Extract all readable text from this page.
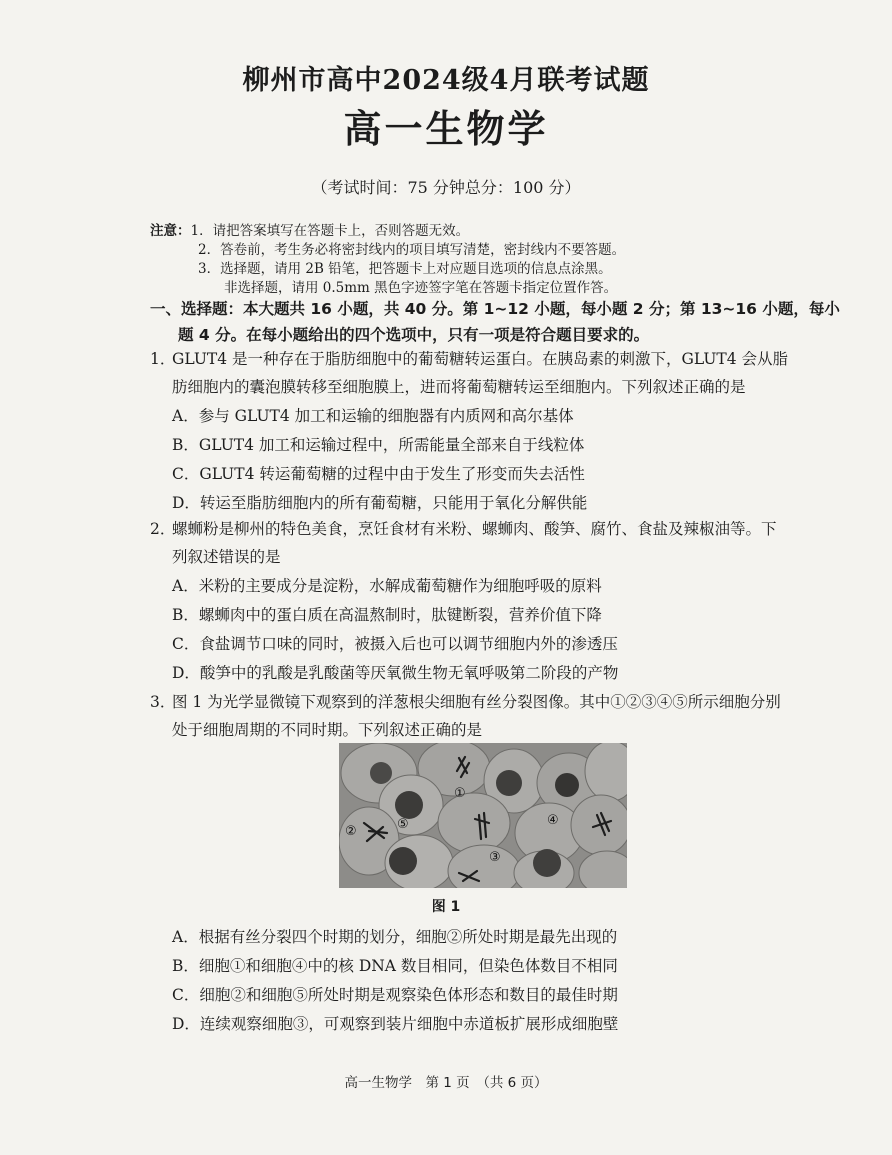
柳州市高中2024级4月联考试题
高一生物学
（考试时间：75 分钟总分：100 分）
注意： 1．请把答案填写在答题卡上，否则答题无效。
2．答卷前，考生务必将密封线内的项目填写清楚，密封线内不要答题。
3．选择题，请用 2B 铅笔，把答题卡上对应题目选项的信息点涂黑。
非选择题，请用 0.5mm 黑色字迹签字笔在答题卡指定位置作答。
一、选择题：本大题共 16 小题，共 40 分。第 1~12 小题，每小题 2 分；第 13~16 小题，每小
题 4 分。在每小题给出的四个选项中，只有一项是符合题目要求的。
1．
GLUT4 是一种存在于脂肪细胞中的葡萄糖转运蛋白。在胰岛素的刺激下，GLUT4 会从脂
肪细胞内的囊泡膜转移至细胞膜上，进而将葡萄糖转运至细胞内。下列叙述正确的是
A．参与 GLUT4 加工和运输的细胞器有内质网和高尔基体
B．GLUT4 加工和运输过程中，所需能量全部来自于线粒体
C．GLUT4 转运葡萄糖的过程中由于发生了形变而失去活性
D．转运至脂肪细胞内的所有葡萄糖，只能用于氧化分解供能
2．
螺蛳粉是柳州的特色美食，烹饪食材有米粉、螺蛳肉、酸笋、腐竹、食盐及辣椒油等。下
列叙述错误的是
A．米粉的主要成分是淀粉，水解成葡萄糖作为细胞呼吸的原料
B．螺蛳肉中的蛋白质在高温熬制时，肽键断裂，营养价值下降
C．食盐调节口味的同时，被摄入后也可以调节细胞内外的渗透压
D．酸笋中的乳酸是乳酸菌等厌氧微生物无氧呼吸第二阶段的产物
3．
图 1 为光学显微镜下观察到的洋葱根尖细胞有丝分裂图像。其中①②③④⑤所示细胞分别
处于细胞周期的不同时期。下列叙述正确的是
①
②
③
④
⑤
图 1
A．根据有丝分裂四个时期的划分，细胞②所处时期是最先出现的
B．细胞①和细胞④中的核 DNA 数目相同，但染色体数目不相同
C．细胞②和细胞⑤所处时期是观察染色体形态和数目的最佳时期
D．连续观察细胞③，可观察到装片细胞中赤道板扩展形成细胞壁
高一生物学　第 1 页　（共 6 页）
